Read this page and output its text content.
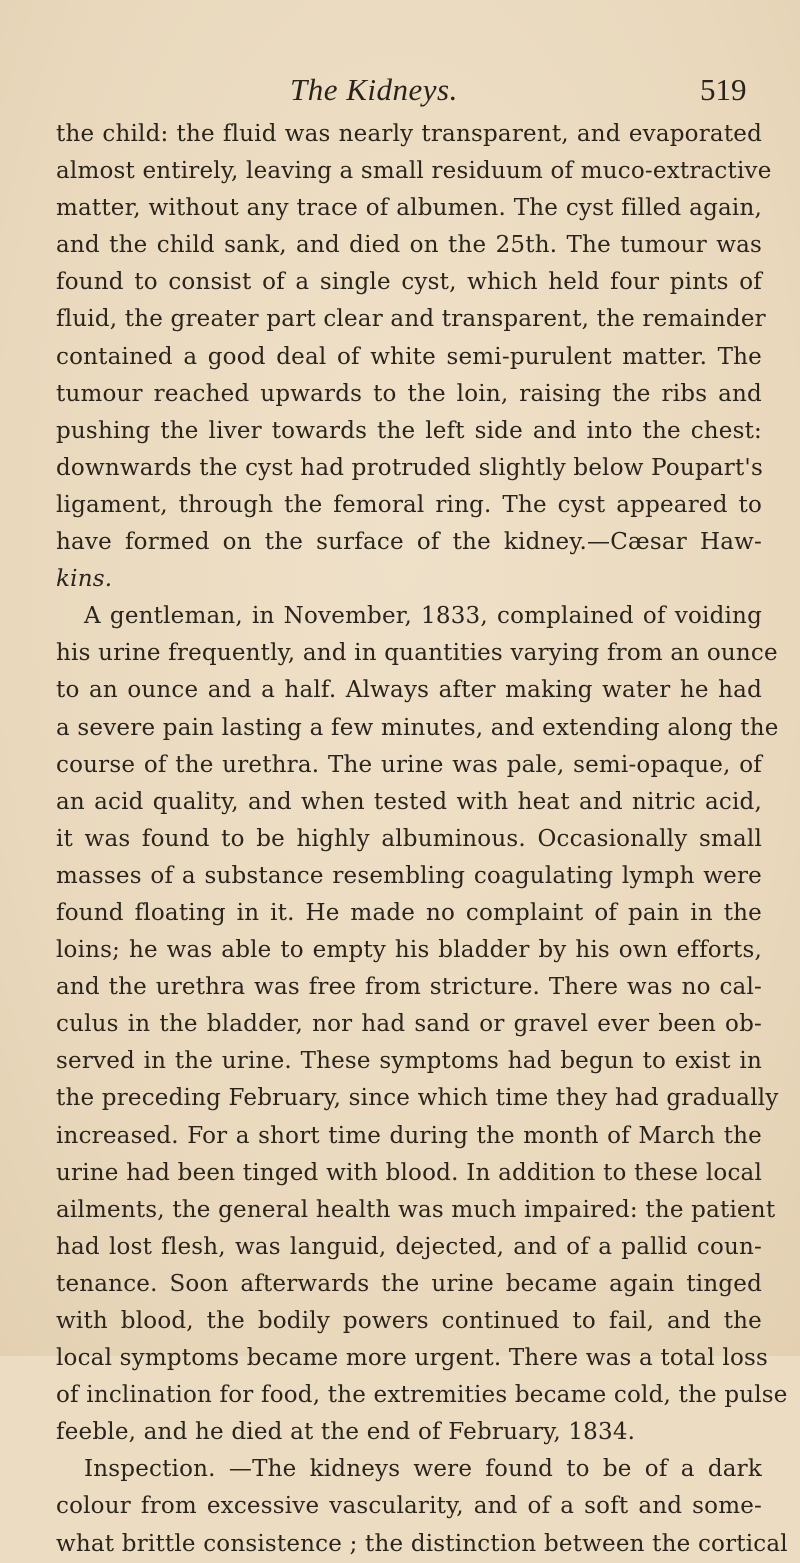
The Kidneys.	519
the child: the fluid was nearly transparent, and evaporated
almost entirely, leaving a small residuum of muco-extractive
matter, without any trace of albumen. The cyst filled again,
and the child sank, and died on the 25th. The tumour was
found to consist of a single cyst, which held four pints of
fluid, the greater part clear and transparent, the remainder
contained a good deal of white semi-purulent matter. The
tumour reached upwards to the loin, raising the ribs and
pushing the liver towards the left side and into the chest:
downwards the cyst had protruded slightly below Poupart's
ligament, through the femoral ring. The cyst appeared to
have formed on the surface of the kidney.—Cæsar Haw-
kins.
A gentleman, in November, 1833, complained of voiding
his urine frequently, and in quantities varying from an ounce
to an ounce and a half. Always after making water he had
a severe pain lasting a few minutes, and extending along the
course of the urethra. The urine was pale, semi-opaque, of
an acid quality, and when tested with heat and nitric acid,
it was found to be highly albuminous. Occasionally small
masses of a substance resembling coagulating lymph were
found floating in it. He made no complaint of pain in the
loins; he was able to empty his bladder by his own efforts,
and the urethra was free from stricture. There was no cal-
culus in the bladder, nor had sand or gravel ever been ob-
served in the urine. These symptoms had begun to exist in
the preceding February, since which time they had gradually
increased. For a short time during the month of March the
urine had been tinged with blood. In addition to these local
ailments, the general health was much impaired: the patient
had lost flesh, was languid, dejected, and of a pallid coun-
tenance. Soon afterwards the urine became again tinged
with blood, the bodily powers continued to fail, and the
local symptoms became more urgent. There was a total loss
of inclination for food, the extremities became cold, the pulse
feeble, and he died at the end of February, 1834.
Inspection. —The kidneys were found to be of a dark
colour from excessive vascularity, and of a soft and some-
what brittle consistence ; the distinction between the cortical
